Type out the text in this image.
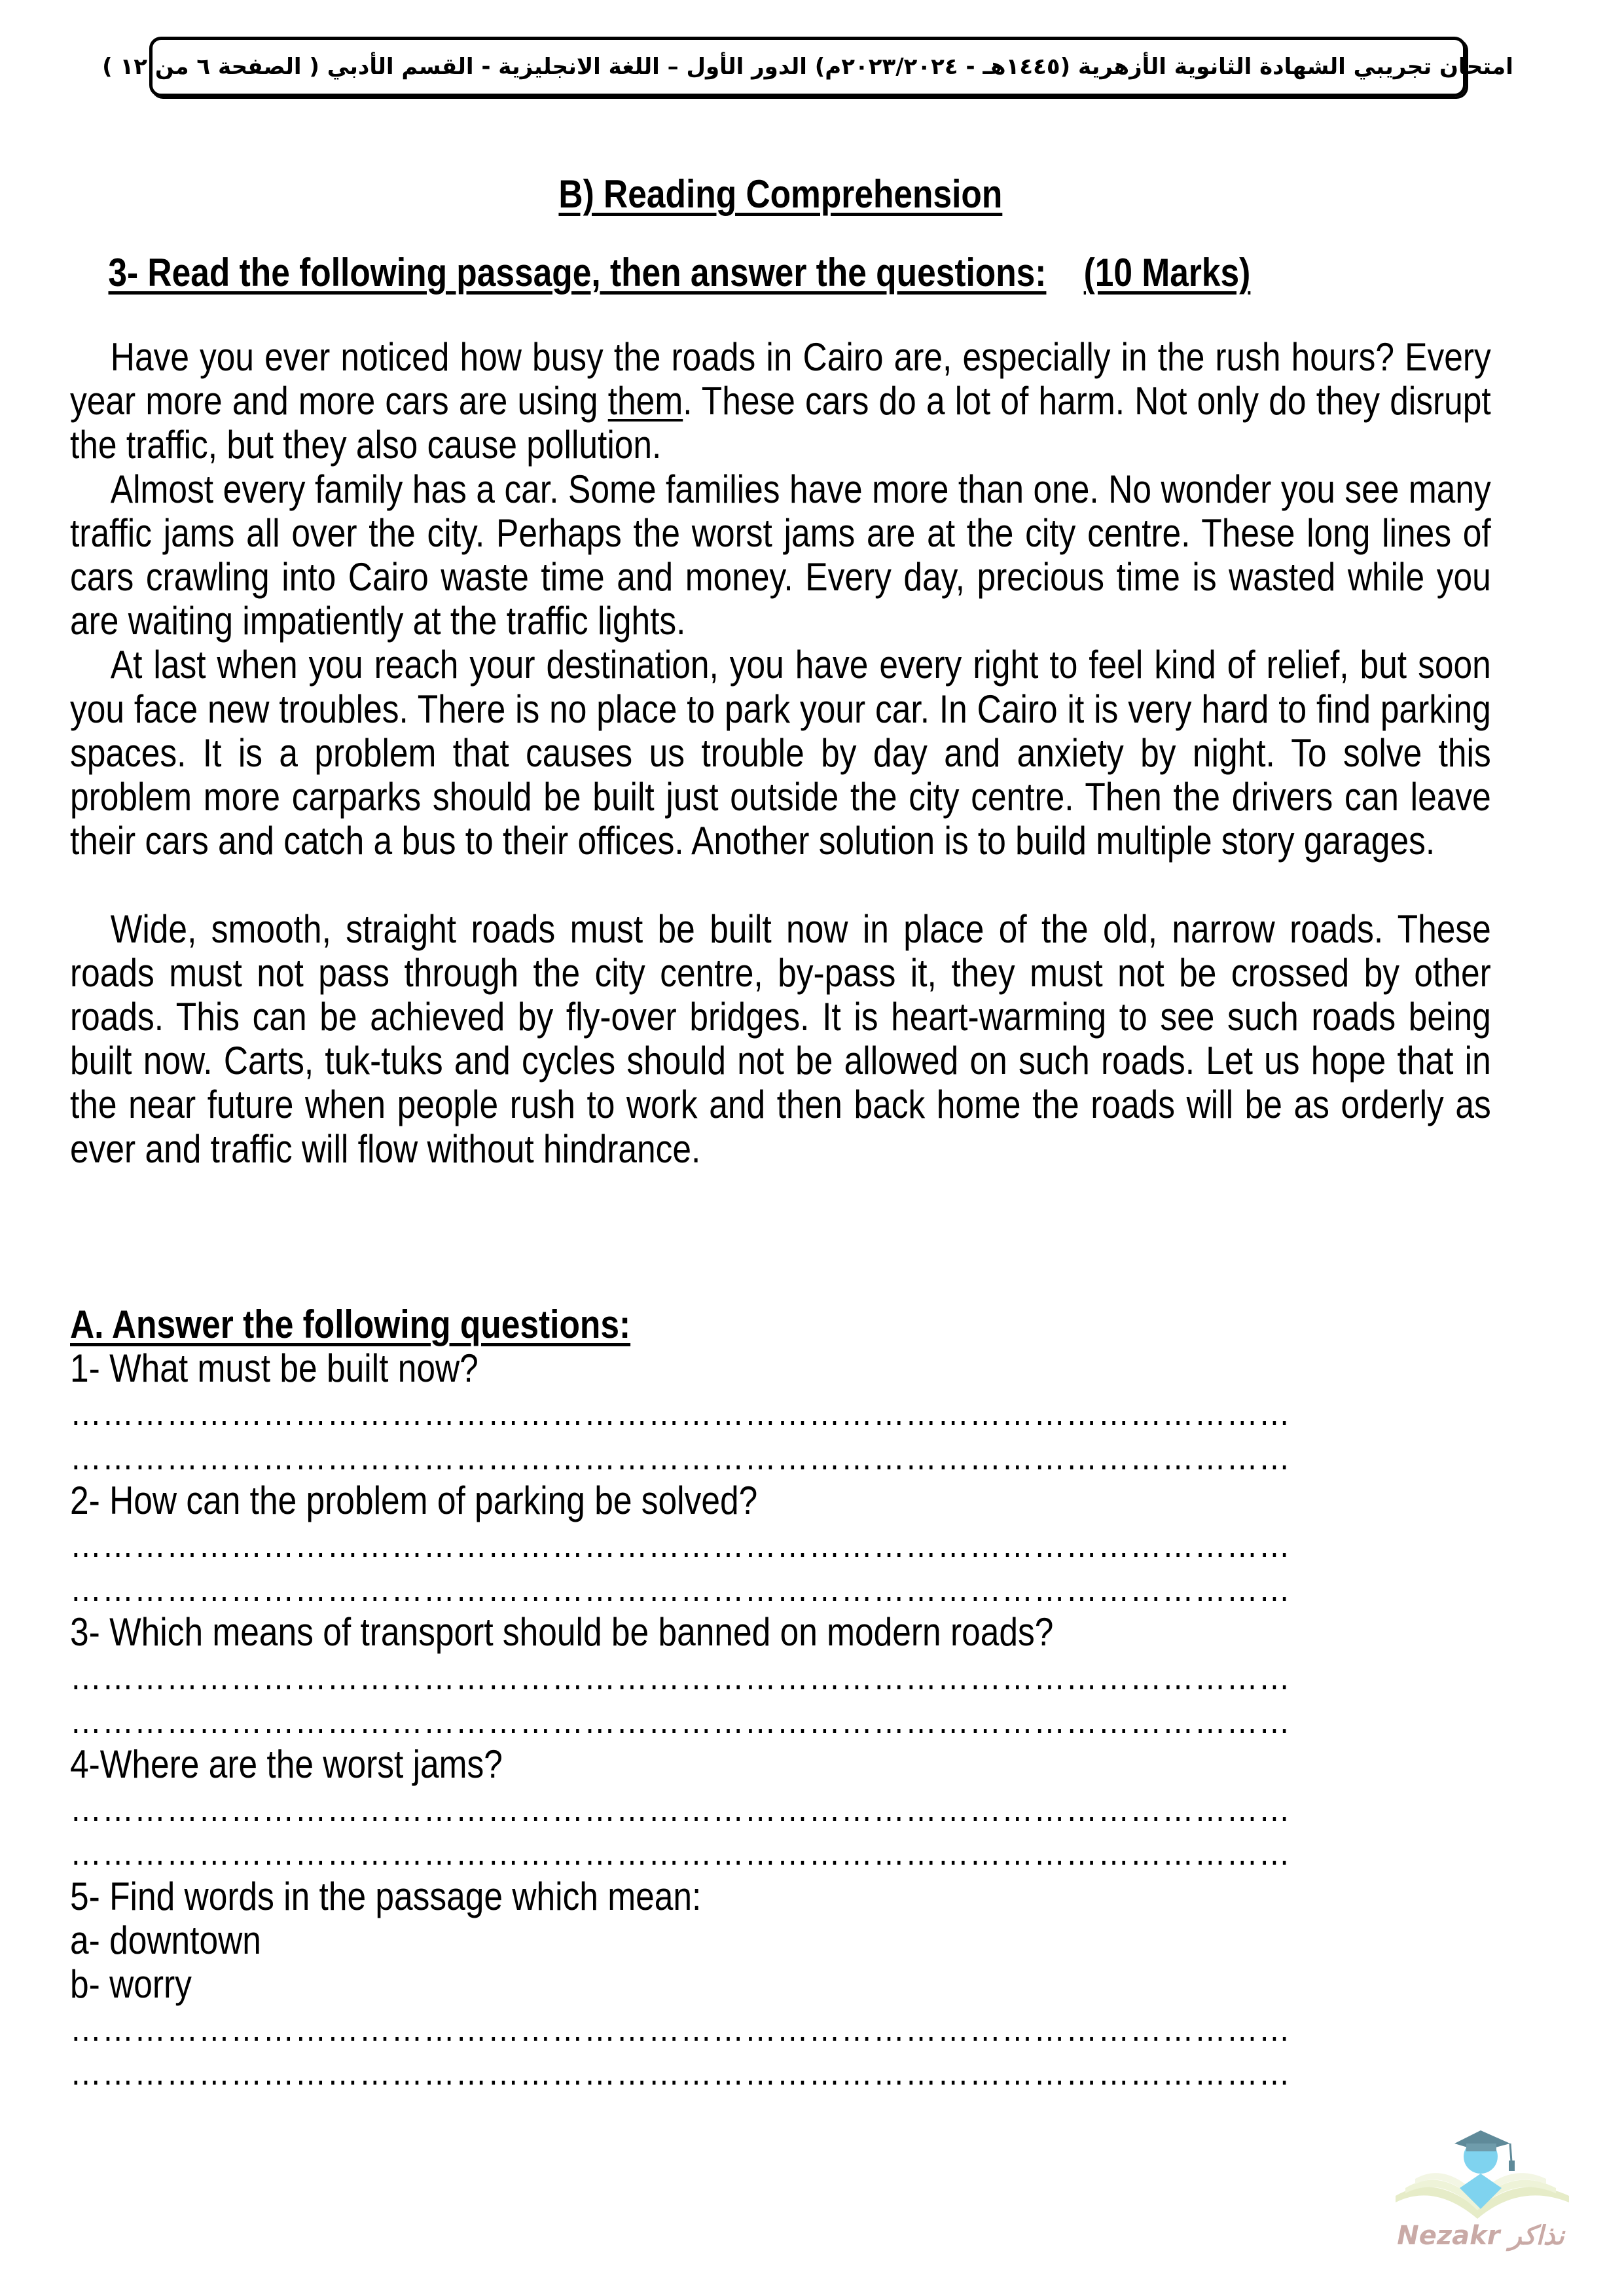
امتحان تجريبي الشهادة الثانوية الأزهرية (١٤٤٥هـ - ٢٠٢٣/٢٠٢٤م) الدور الأول – اللغة الانجليزية - القسم الأدبي ( الصفحة ٦ من ١٢ )
B) Reading Comprehension
3- Read the following passage, then answer the questions: (10 Marks)

Have you ever noticed how busy the roads in Cairo are, especially in the rush hours? Every year more and more cars are using them. These cars do a lot of harm. Not only do they disrupt the traffic, but they also cause pollution.

Almost every family has a car. Some families have more than one. No wonder you see many traffic jams all over the city. Perhaps the worst jams are at the city centre. These long lines of cars crawling into Cairo waste time and money. Every day, precious time is wasted while you are waiting impatiently at the traffic lights.

At last when you reach your destination, you have every right to feel kind of relief, but soon you face new troubles. There is no place to park your car. In Cairo it is very hard to find parking spaces. It is a problem that causes us trouble by day and anxiety by night. To solve this problem more carparks should be built just outside the city centre. Then the drivers can leave their cars and catch a bus to their offices. Another solution is to build multiple story garages.

Wide, smooth, straight roads must be built now in place of the old, narrow roads. These roads must not pass through the city centre, by-pass it, they must not be crossed by other roads. This can be achieved by fly-over bridges. It is heart-warming to see such roads being built now. Carts, tuk-tuks and cycles should not be allowed on such roads. Let us hope that in the near future when people rush to work and then back home the roads will be as orderly as ever and traffic will flow without hindrance.

A. Answer the following questions:
1- What must be built now?
……………………………………………………………………………………………………
……………………………………………………………………………………………………
2- How can the problem of parking be solved?
……………………………………………………………………………………………………
……………………………………………………………………………………………………
3- Which means of transport should be banned on modern roads?
……………………………………………………………………………………………………
……………………………………………………………………………………………………
4-Where are the worst jams?
……………………………………………………………………………………………………
……………………………………………………………………………………………………
5- Find words in the passage which mean:
a- downtown
b- worry
……………………………………………………………………………………………………
……………………………………………………………………………………………………
Nezakr نذاكر
